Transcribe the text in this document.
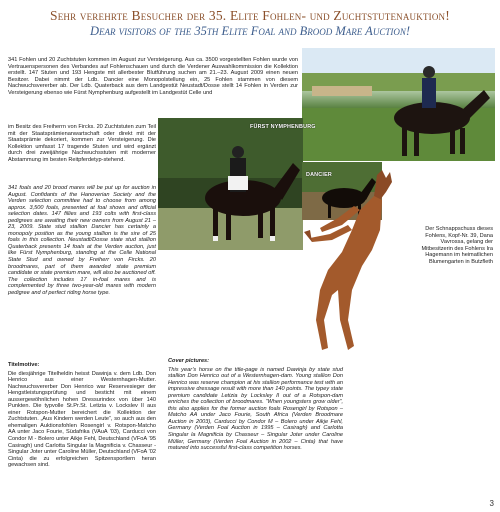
Sehr verehrte Besucher der 35. Elite Fohlen- und Zuchtstutenauktion!
Dear visitors of the 35th Elite Foal and Brood Mare Auction!
FÜRST NYMPHENBURG
DANCIER

341 Fohlen und 20 Zuchtstuten kommen im August zur Versteigerung. Aus ca. 3500 vorgestellten Fohlen wurde von Vertrauenspersonen des Verbandes auf Fohlenschauen und durch die Verdener Auswahlkommission die Kollektion erstellt. 147 Stuten und 193 Hengste mit allerbester Blutführung suchen am 21.–23. August 2009 einen neuen Besitzer. Dabei nimmt der Ldb. Dancier eine Monopolstellung ein, 25 Fohlen stammen von diesem Nachwuchsvererber ab. Der Ldb. Quaterback aus dem Landgestüt Neustadt/Dosse stellt 14 Fohlen in Verden zur Versteigerung ebenso wie Fürst Nymphenburg aufgestellt im Landgestüt Celle und

im Besitz des Freiherrn von Fircks. 20 Zuchtstuten zum Teil mit der Staatsprämienanwartschaft oder direkt mit der Staatsprämie dekoriert, kommen zur Versteigerung. Die Kollektion umfasst 17 tragende Stuten und wird ergänzt durch drei zweijährige Nachwuchsstuten mit moderner Abstammung im besten Reitpferdetyp-stehend.

341 foals and 20 brood mares will be put up for auction in August. Confidants of the Hanoverian Society and the Verden selection committee had to choose from among approx. 3,500 foals, presented at foal shows and official selection dates. 147 fillies and 193 colts with first-class pedigrees are awaiting their new owners from August 21 – 23, 2009. State stud stallion Dancier has certainly a monopoly position as the young stallion is the sire of 25 foals in this collection. Neustadt/Dosse state stud stallion Quaterback presents 14 foals at the Verden auction, just like Fürst Nymphenburg, standing at the Celle National State Stud and owned by Freiherr von Fircks. 20 broodmares, part of them awarded state premium candidate or state premium mare, will also be auctioned off. The collection includes 17 in-foal mares and is complemented by three two-year-old mares with modern pedigree and of perfect riding horse type.

Titelmotive:

Die diesjährige Titelheldin heisst Dawinja v. dem Ldb. Don Henrico aus einer Westernhagen-Mutter. Nachwuchsvererber Don Henrico war Reservesieger der Hengstleistungsprüfung und besticht mit einem aussergewöhnlichen hohen Dressurindex von über 140 Punkten. Die typvolle St.Pr.St. Letizia v. Lockslev II aus einer Rotspon-Mutter bereichert die Kollektion der Zuchtstuten. „Aus Kindern werden Leute“, so auch aus den ehemaligen Auktionsfohlen Rosengirl v. Rotspon-Matcho AA unter Jaco Fourie, Südafrika (VAuA ’03), Carducci von Condor M - Bolero unter Aikje Fehl, Deutschland (VFoA ’95 Casiragh) und Carlotta Singular la Magnificia v. Chasseur - Singular Joter unter Caroline Müller, Deutschland (VFoA ’02 Cinta) die zu erfolgreichen Spitzensportlern heran gewachsen sind.

Cover pictures:

This year’s horse on the title-page is named Dawinja by state stud stallion Don Henrico out of a Westernhagen-dam. Young stallion Don Henrico was reserve champion at his stallion performance test with an impressive dressage result with more than 140 points. The typey state premium candidate Letizia by Locksley II out of a Rotspon-dam enriches the collection of broodmares. “When youngsters grow older”, this also applies for the former auction foals Rosengirl by Rotspon – Matcho AA under Jaco Fourie, South Africa (Verden Broodmare Auction in 2003), Carducci by Condor M – Bolero under Aikje Fehl, Germany (Verden Foal Auction in 1995 – Casiragh) and Carlotta Singular la Magnificia by Chasseur – Singular Joter under Caroline Müller, Germany (Verden Foal Auction in 2002 – Cinta) that have matured into successful first-class competition horses.

Der Schnappschuss dieses Fohlens, Kopf-Nr. 39, Dana Vavrossa, gelang der Mitbesitzerin des Fohlens Ira Hagemann im heimatlichen Blumengarten in Butzfleth
3
